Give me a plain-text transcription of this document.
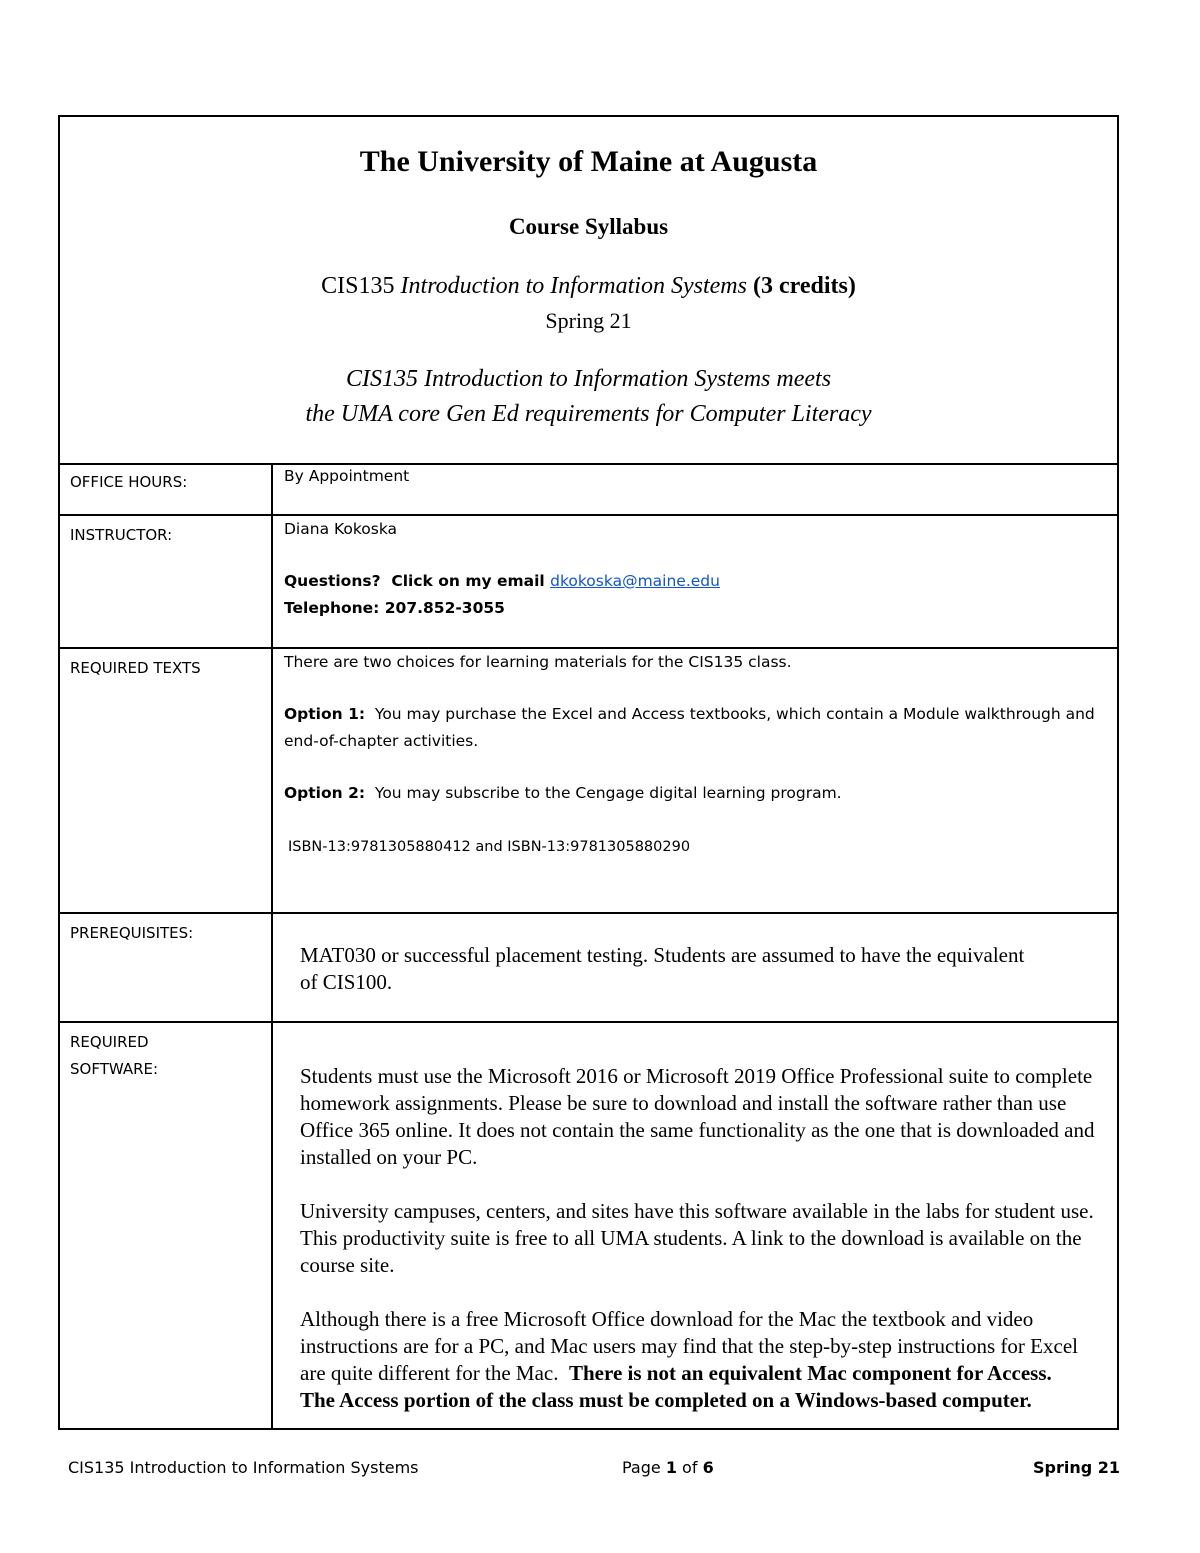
The University of Maine at Augusta
Course Syllabus
CIS135 Introduction to Information Systems (3 credits)
Spring 21
CIS135 Introduction to Information Systems meets
the UMA core Gen Ed requirements for Computer Literacy
OFFICE HOURS:	By Appointment
INSTRUCTOR:	Diana Kokoska
Questions?  Click on my email dkokoska@maine.edu
Telephone: 207.852-3055
REQUIRED TEXTS	There are two choices for learning materials for the CIS135 class.
Option 1:  You may purchase the Excel and Access textbooks, which contain a Module walkthrough and end-of-chapter activities.
Option 2:  You may subscribe to the Cengage digital learning program.
ISBN-13:9781305880412 and ISBN-13:9781305880290
PREREQUISITES:
MAT030 or successful placement testing. Students are assumed to have the equivalent of CIS100.
REQUIRED
SOFTWARE:	Students must use the Microsoft 2016 or Microsoft 2019 Office Professional suite to complete homework assignments. Please be sure to download and install the software rather than use Office 365 online. It does not contain the same functionality as the one that is downloaded and installed on your PC.
University campuses, centers, and sites have this software available in the labs for student use. This productivity suite is free to all UMA students. A link to the download is available on the course site.
Although there is a free Microsoft Office download for the Mac the textbook and video instructions are for a PC, and Mac users may find that the step-by-step instructions for Excel are quite different for the Mac.  There is not an equivalent Mac component for Access. The Access portion of the class must be completed on a Windows-based computer.
CIS135 Introduction to Information Systems	Page 1 of 6	Spring 21
